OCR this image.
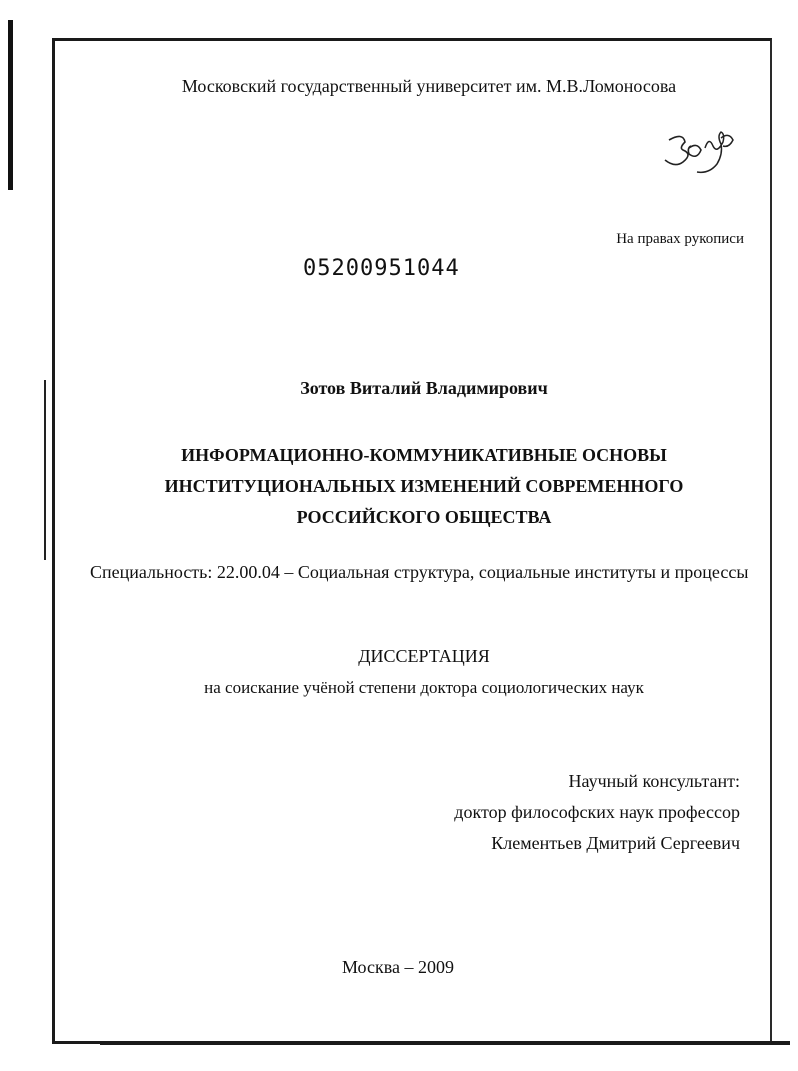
Московский государственный университет им. М.В.Ломоносова
На правах рукописи
05200951044
Зотов Виталий Владимирович
ИНФОРМАЦИОННО-КОММУНИКАТИВНЫЕ ОСНОВЫ
ИНСТИТУЦИОНАЛЬНЫХ ИЗМЕНЕНИЙ СОВРЕМЕННОГО
РОССИЙСКОГО ОБЩЕСТВА
Специальность: 22.00.04 – Социальная структура, социальные институты и процессы
ДИССЕРТАЦИЯ
на соискание учёной степени доктора социологических наук
Научный консультант:
доктор философских наук профессор
Клементьев Дмитрий Сергеевич
Москва – 2009
